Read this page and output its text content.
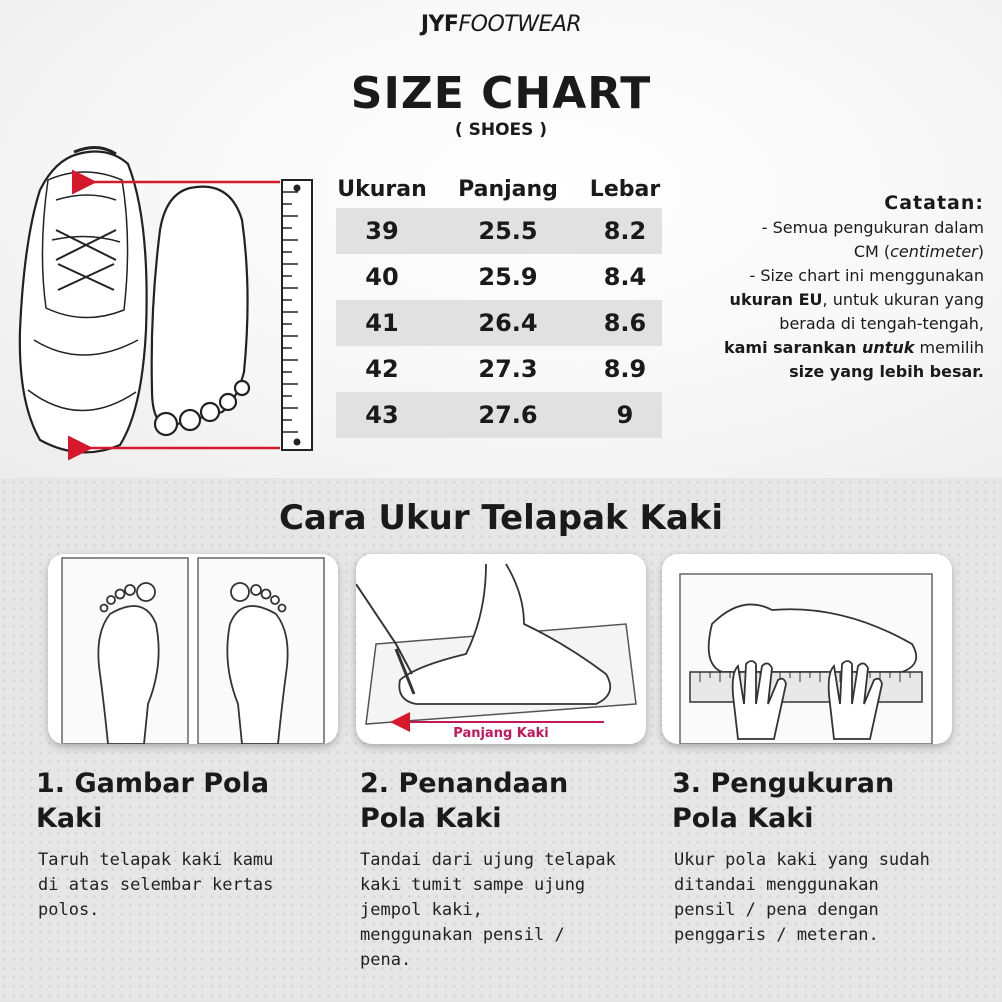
JYFFOOTWEAR
SIZE CHART
( SHOES )
Ukuran	Panjang	Lebar
39	25.5	8.2
40	25.9	8.4
41	26.4	8.6
42	27.3	8.9
43	27.6	9
Catatan:
- Semua pengukuran dalam
CM (centimeter)
- Size chart ini menggunakan
ukuran EU, untuk ukuran yang
berada di tengah-tengah,
kami sarankan untuk memilih
size yang lebih besar.
Cara Ukur Telapak Kaki
Panjang Kaki
1. Gambar Pola
Kaki
Taruh telapak kaki kamu
di atas selembar kertas
polos.
2. Penandaan
Pola Kaki
Tandai dari ujung telapak
kaki tumit sampe ujung
jempol kaki,
menggunakan pensil /
pena.
3. Pengukuran
Pola Kaki
Ukur pola kaki yang sudah
ditandai menggunakan
pensil / pena dengan
penggaris / meteran.
